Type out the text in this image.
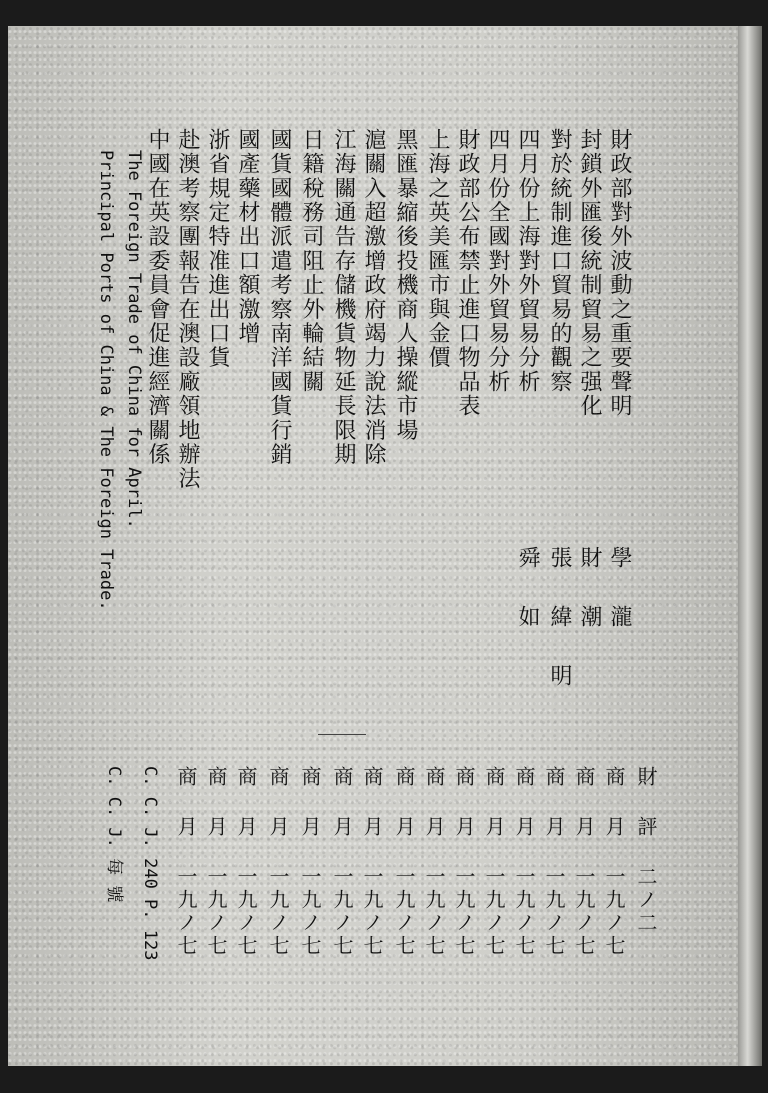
財政部對外波動之重要聲明
封鎖外匯後統制貿易之强化
對於統制進口貿易的觀察
四月份上海對外貿易分析
四月份全國對外貿易分析
財政部公布禁止進口物品表
上海之英美匯市與金價
黑匯暴縮後投機商人操縱市場
滬關入超激增政府竭力說法消除
江海關通告存儲機貨物延長限期
日籍稅務司阻止外輪結關
國貨國體派遣考察南洋國貨行銷
國產藥材出口額激增
浙省規定特准進出口貨
赴澳考察團報告在澳設廠領地辦法
中國在英設委員會促進經濟關係
The Foreign Trade of China for April.
Principal Ports of China & The Foreign Trade.	學 瀧
財 潮
張 緯 明
舜 如
財 評 二ノ二
商 月 一九ノ七
商 月 一九ノ七
商 月 一九ノ七
商 月 一九ノ七
商 月 一九ノ七
商 月 一九ノ七
商 月 一九ノ七
商 月 一九ノ七
商 月 一九ノ七
商 月 一九ノ七
商 月 一九ノ七
商 月 一九ノ七
商 月 一九ノ七
商 月 一九ノ七
商 月 一九ノ七
C. C. J. 240 P. 123
C. C. J. 每 號
